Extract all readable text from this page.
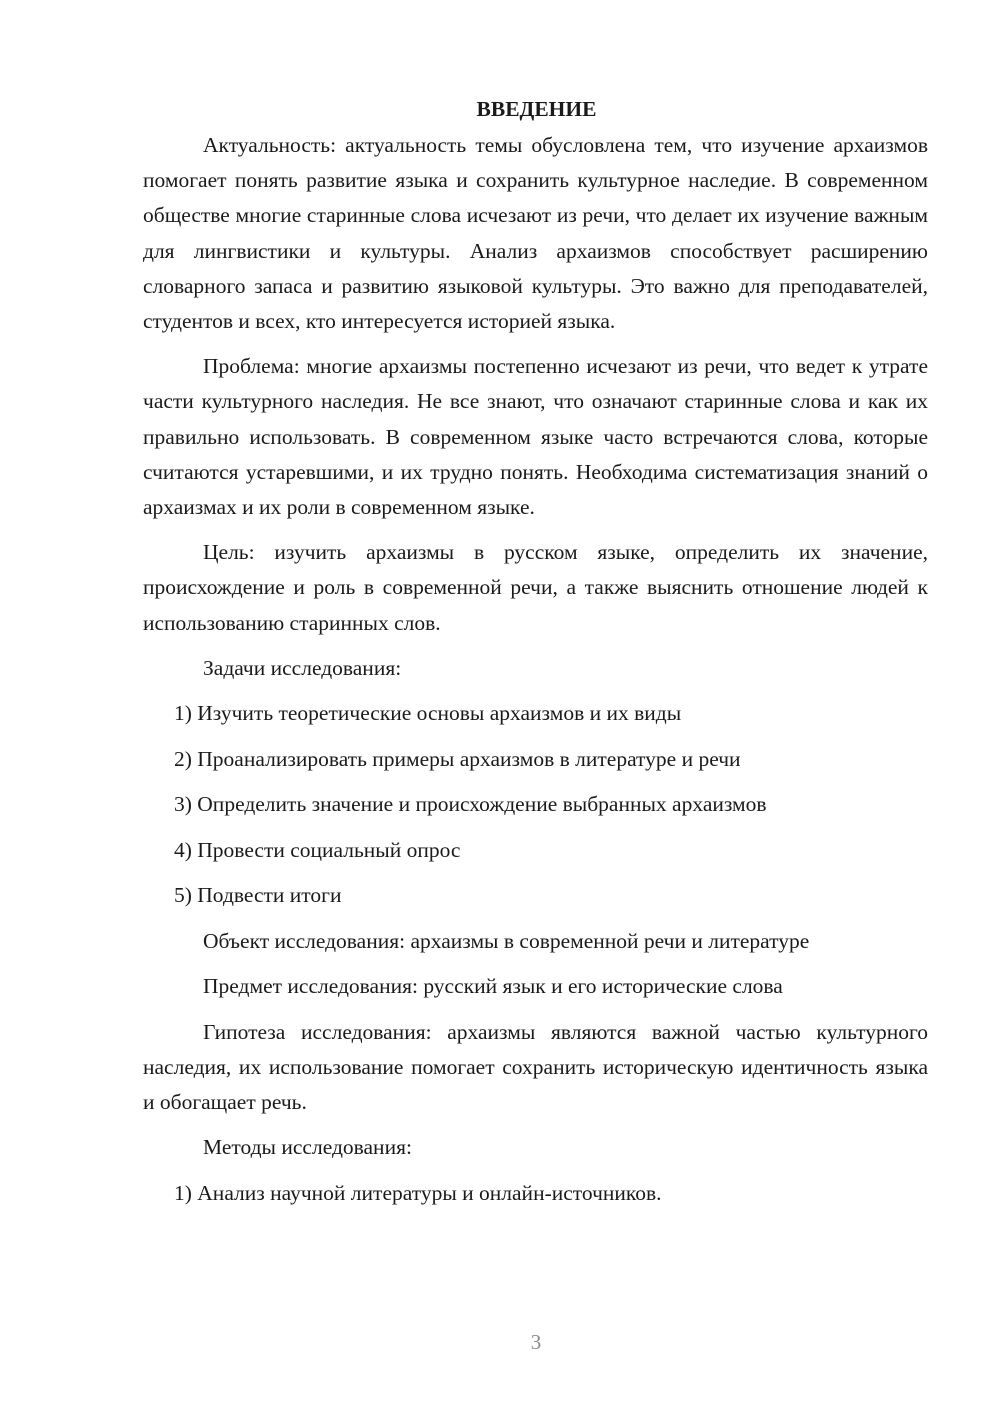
ВВЕДЕНИЕ

Актуальность: актуальность темы обусловлена тем, что изучение архаизмов помогает понять развитие языка и сохранить культурное наследие. В современном обществе многие старинные слова исчезают из речи, что делает их изучение важным для лингвистики и культуры. Анализ архаизмов способствует расширению словарного запаса и развитию языковой культуры. Это важно для преподавателей, студентов и всех, кто интересуется историей языка.

Проблема: многие архаизмы постепенно исчезают из речи, что ведет к утрате части культурного наследия. Не все знают, что означают старинные слова и как их правильно использовать. В современном языке часто встречаются слова, которые считаются устаревшими, и их трудно понять. Необходима систематизация знаний о архаизмах и их роли в современном языке.

Цель: изучить архаизмы в русском языке, определить их значение, происхождение и роль в современной речи, а также выяснить отношение людей к использованию старинных слов.

Задачи исследования:
1) Изучить теоретические основы архаизмов и их виды
2) Проанализировать примеры архаизмов в литературе и речи
3) Определить значение и происхождение выбранных архаизмов
4) Провести социальный опрос
5) Подвести итоги
Объект исследования: архаизмы в современной речи и литературе
Предмет исследования: русский язык и его исторические слова

Гипотеза исследования: архаизмы являются важной частью культурного наследия, их использование помогает сохранить историческую идентичность языка и обогащает речь.

Методы исследования:
1) Анализ научной литературы и онлайн-источников.
3
